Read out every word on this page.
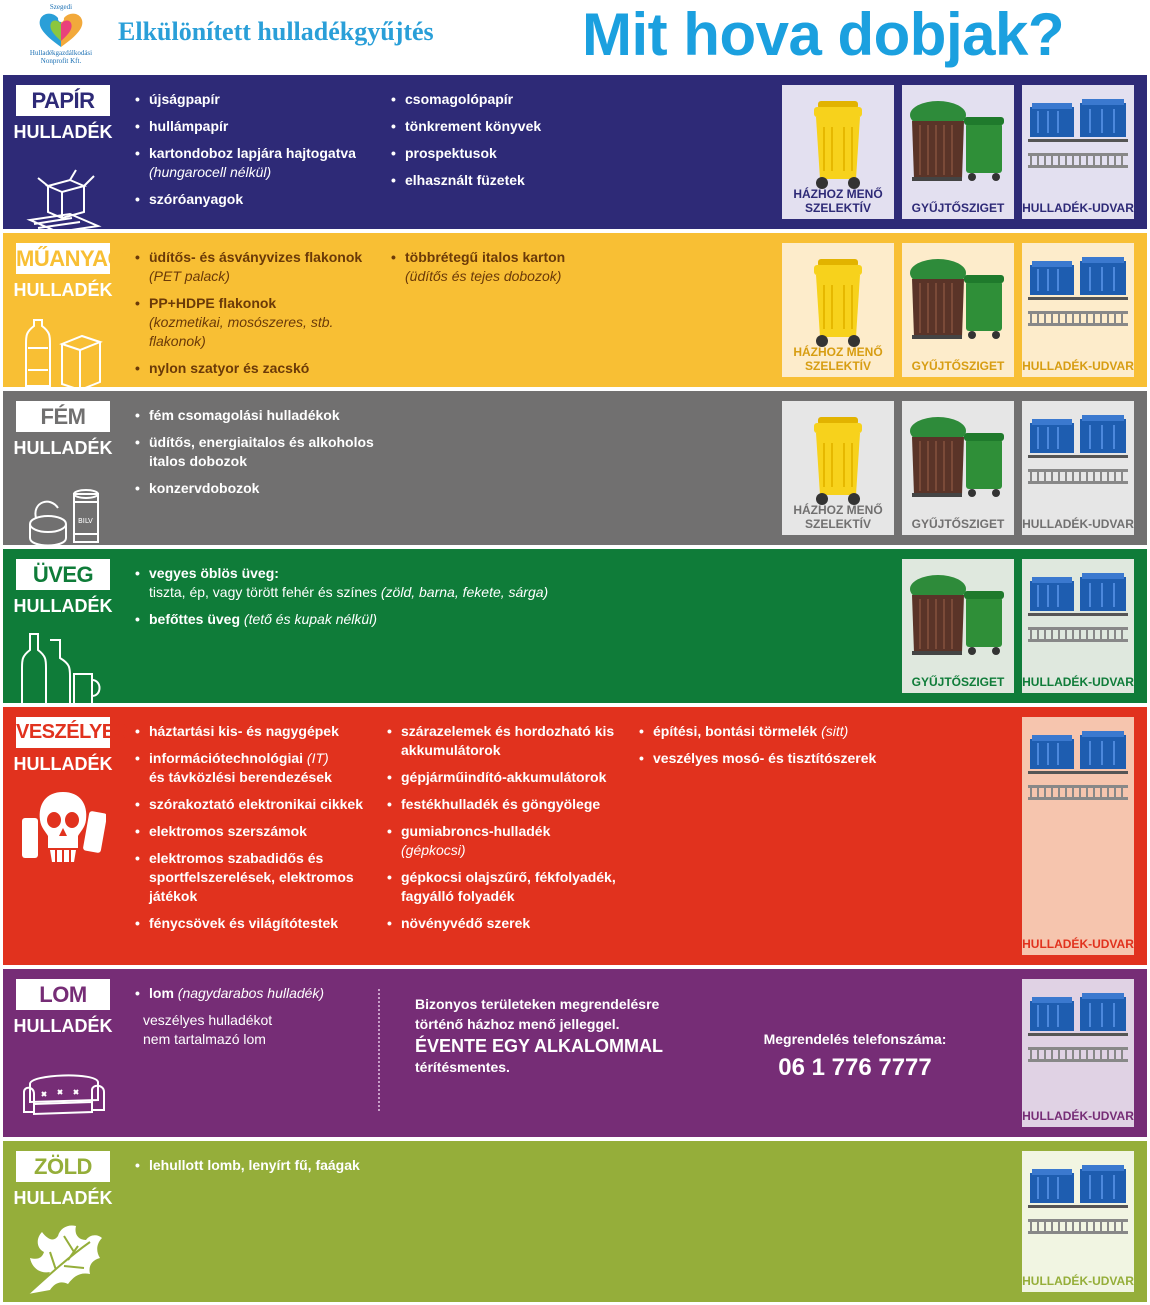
Szegedi
Hulladékgazdálkodási
Nonprofit Kft.
Elkülönített hulladékgyűjtés Mit hova dobjak?
PAPÍR
HULLADÉK
• újságpapír
• hullámpapír
• kartondoboz lapjára hajtogatva
(hungarocell nélkül)
• szóróanyagok
• csomagolópapír
• tönkrement könyvek
• prospektusok
• elhasznált füzetek
HÁZHOZ MENŐ SZELEKTÍV	GYŰJTŐSZIGET	HULLADÉK-UDVAR
MŰANYAG
HULLADÉK
• üdítős- és ásványvizes flakonok
(PET palack)
• PP+HDPE flakonok
(kozmetikai, mosószeres, stb. flakonok)
• nylon szatyor és zacskó
• többrétegű italos karton
(üdítős és tejes dobozok)
HÁZHOZ MENŐ SZELEKTÍV	GYŰJTŐSZIGET	HULLADÉK-UDVAR
FÉM
HULLADÉK
BILV
• fém csomagolási hulladékok
• üdítős, energiaitalos és alkoholos italos dobozok
• konzervdobozok
HÁZHOZ MENŐ SZELEKTÍV	GYŰJTŐSZIGET	HULLADÉK-UDVAR
ÜVEG
HULLADÉK
• vegyes öblös üveg:
tiszta, ép, vagy törött fehér és színes (zöld, barna, fekete, sárga)
• befőttes üveg (tető és kupak nélkül)
GYŰJTŐSZIGET	HULLADÉK-UDVAR
VESZÉLYES
HULLADÉK
• háztartási kis- és nagygépek
• információtechnológiai (IT)
és távközlési berendezések
• szórakoztató elektronikai cikkek
• elektromos szerszámok
• elektromos szabadidős és sportfelszerelések, elektromos játékok
• fénycsövek és világítótestek
• szárazelemek és hordozható kis akkumulátorok
• gépjárműindító-akkumulátorok
• festékhulladék és göngyölege
• gumiabroncs-hulladék
(gépkocsi)
• gépkocsi olajszűrő, fékfolyadék, fagyálló folyadék
• növényvédő szerek
• építési, bontási törmelék (sitt)
• veszélyes mosó- és tisztítószerek
HULLADÉK-UDVAR
LOM
HULLADÉK
• lom (nagydarabos hulladék)
veszélyes hulladékot nem tartalmazó lom
Bizonyos területeken megrendelésre történő házhoz menő jelleggel.
ÉVENTE EGY ALKALOMMAL
térítésmentes.
Megrendelés telefonszáma:
06 1 776 7777
HULLADÉK-UDVAR
ZÖLD
HULLADÉK
• lehullott lomb, lenyírt fű, faágak
HULLADÉK-UDVAR
